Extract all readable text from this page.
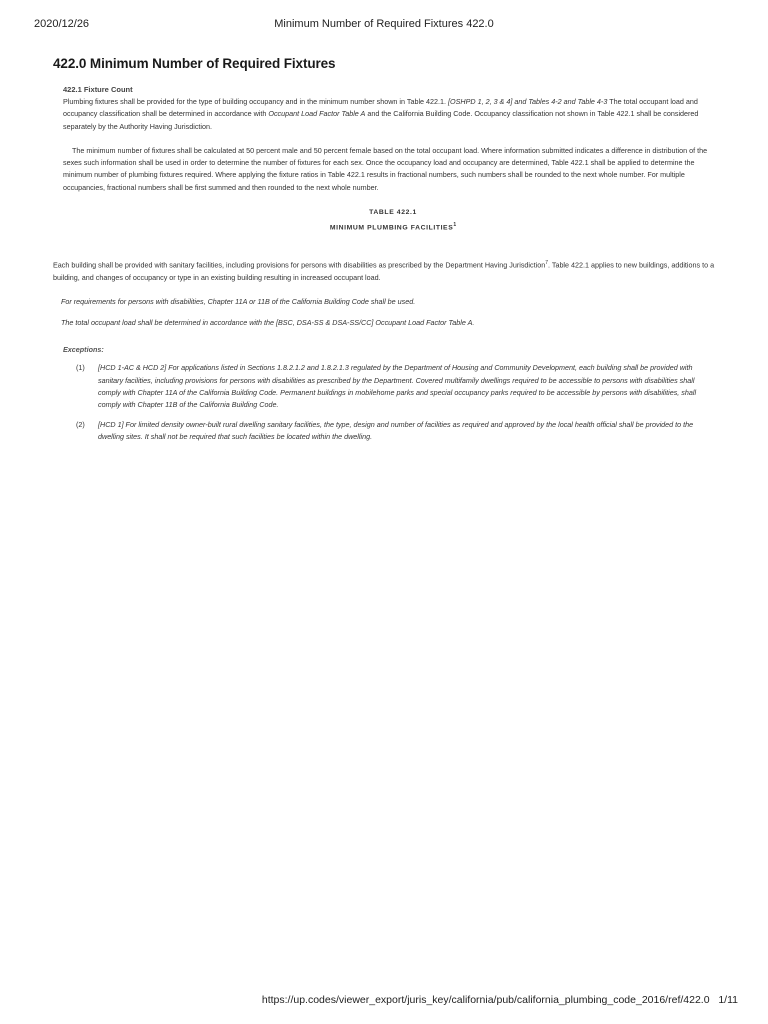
2020/12/26	Minimum Number of Required Fixtures 422.0
422.0 Minimum Number of Required Fixtures
422.1 Fixture Count

Plumbing fixtures shall be provided for the type of building occupancy and in the minimum number shown in Table 422.1. [OSHPD 1, 2, 3 & 4] and Tables 4-2 and Table 4-3 The total occupant load and occupancy classification shall be determined in accordance with Occupant Load Factor Table A and the California Building Code. Occupancy classification not shown in Table 422.1 shall be considered separately by the Authority Having Jurisdiction.

The minimum number of fixtures shall be calculated at 50 percent male and 50 percent female based on the total occupant load. Where information submitted indicates a difference in distribution of the sexes such information shall be used in order to determine the number of fixtures for each sex. Once the occupancy load and occupancy are determined, Table 422.1 shall be applied to determine the minimum number of plumbing fixtures required. Where applying the fixture ratios in Table 422.1 results in fractional numbers, such numbers shall be rounded to the next whole number. For multiple occupancies, fractional numbers shall be first summed and then rounded to the next whole number.

TABLE 422.1
MINIMUM PLUMBING FACILITIES$^1$

Each building shall be provided with sanitary facilities, including provisions for persons with disabilities as prescribed by the Department Having Jurisdiction$^7$. Table 422.1 applies to new buildings, additions to a building, and changes of occupancy or type in an existing building resulting in increased occupant load.

For requirements for persons with disabilities, Chapter 11A or 11B of the California Building Code shall be used.
The total occupant load shall be determined in accordance with the [BSC, DSA-SS & DSA-SS/CC] Occupant Load Factor Table A.
Exceptions:
(1)	[HCD 1-AC & HCD 2] For applications listed in Sections 1.8.2.1.2 and 1.8.2.1.3 regulated by the Department of Housing and Community Development, each building shall be provided with sanitary facilities, including provisions for persons with disabilities as prescribed by the Department. Covered multifamily dwellings required to be accessible to persons with disabilities shall comply with Chapter 11A of the California Building Code. Permanent buildings in mobilehome parks and special occupancy parks required to be accessible by persons with disabilities, shall comply with Chapter 11B of the California Building Code.
(2)	[HCD 1] For limited density owner-built rural dwelling sanitary facilities, the type, design and number of facilities as required and approved by the local health official shall be provided to the dwelling sites. It shall not be required that such facilities be located within the dwelling.
https://up.codes/viewer_export/juris_key/california/pub/california_plumbing_code_2016/ref/422.0 1/11
